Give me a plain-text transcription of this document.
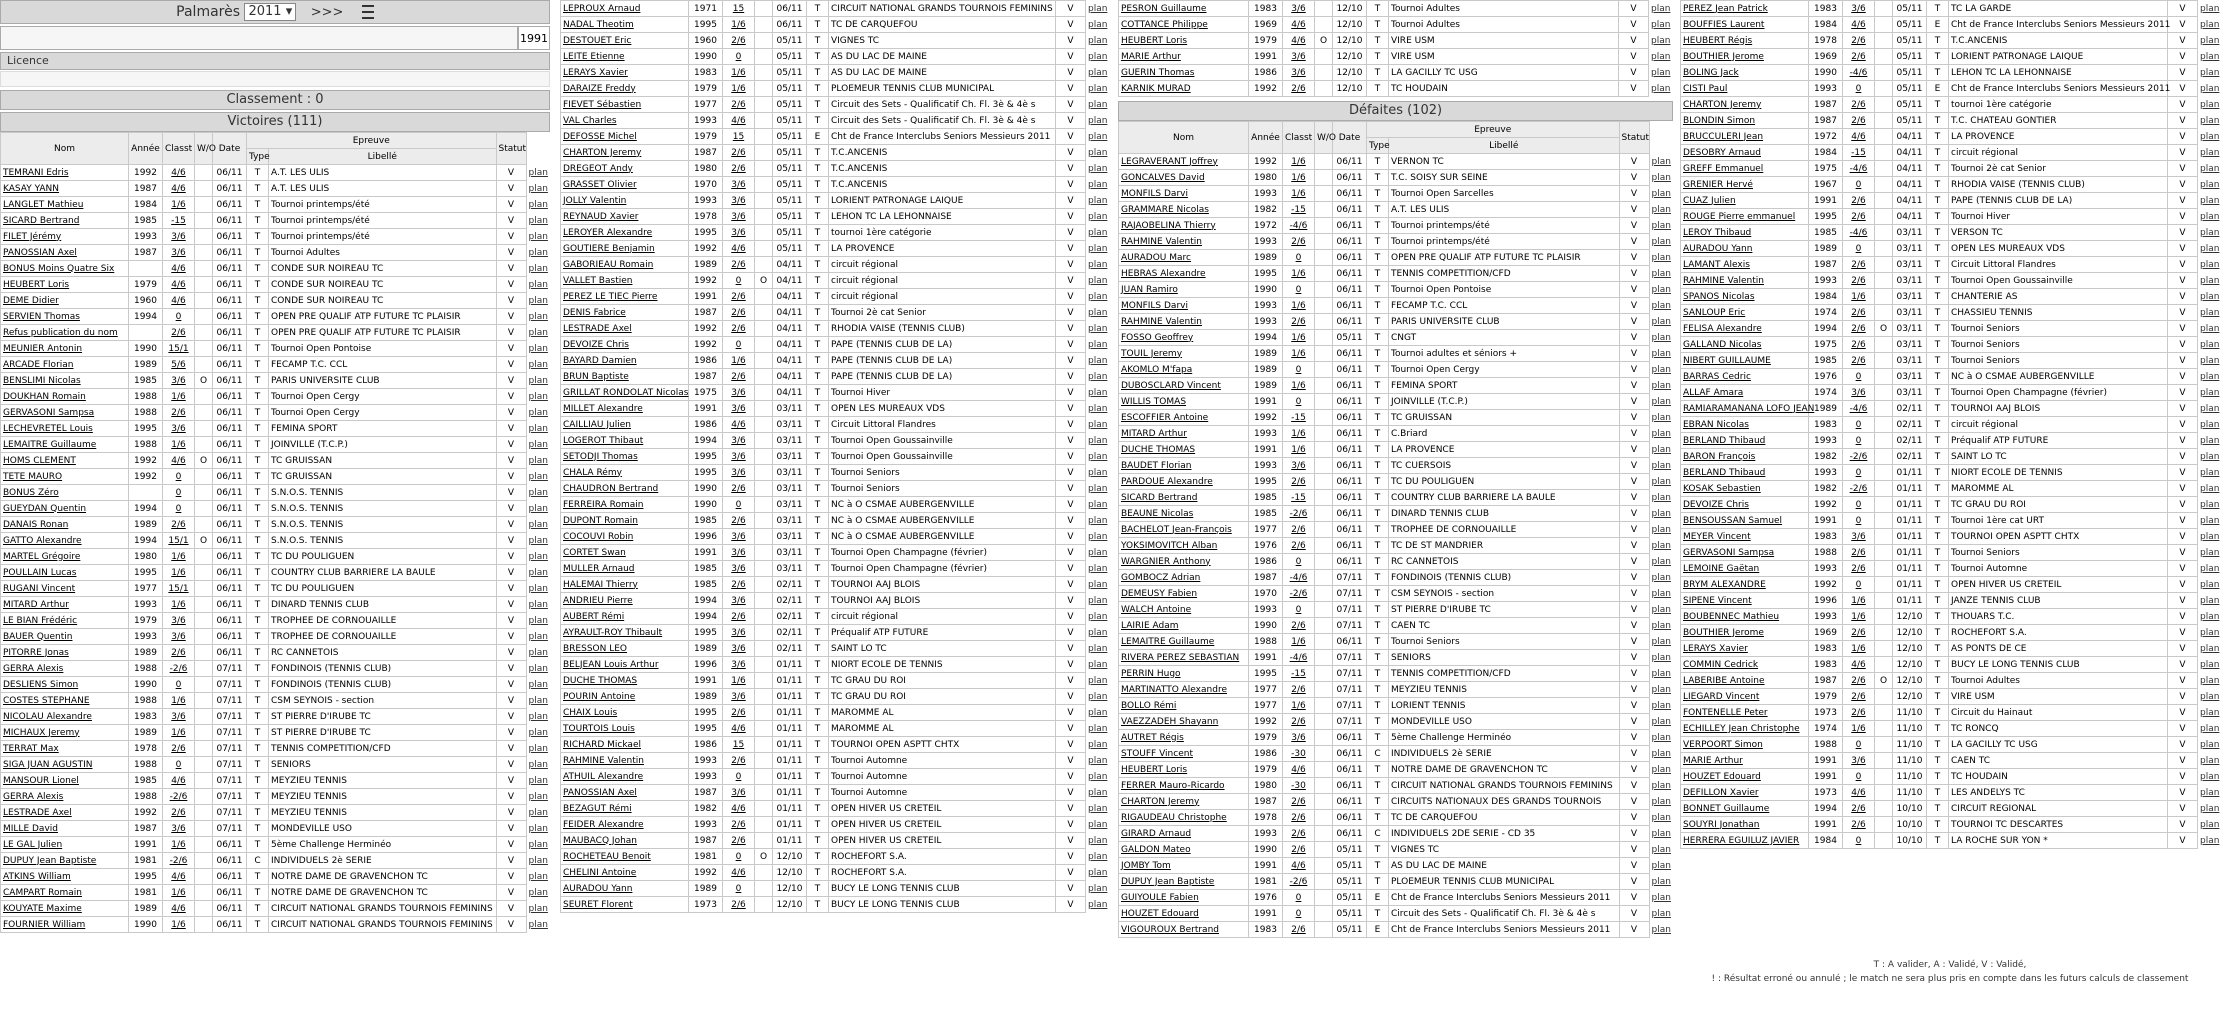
Palmarès 2011 ▾ >>>
1991
Licence
Classement : 0
Victoires (111)
Nom	Année	Classt	W/O	Date	Epreuve		Statut	
					Type	Libellé		
TEMRANI Edris	1992	4/6		06/11	T	A.T. LES ULIS	V	plan
KASAY YANN	1987	4/6		06/11	T	A.T. LES ULIS	V	plan
LANGLET Mathieu	1984	1/6		06/11	T	Tournoi printemps/été	V	plan
SICARD Bertrand	1985	-15		06/11	T	Tournoi printemps/été	V	plan
FILET Jérémy	1993	3/6		06/11	T	Tournoi printemps/été	V	plan
PANOSSIAN Axel	1987	3/6		06/11	T	Tournoi Adultes	V	plan
BONUS Moins Quatre Six		4/6		06/11	T	CONDE SUR NOIREAU TC	V	plan
HEUBERT Loris	1979	4/6		06/11	T	CONDE SUR NOIREAU TC	V	plan
DEME Didier	1960	4/6		06/11	T	CONDE SUR NOIREAU TC	V	plan
SERVIEN Thomas	1994	0		06/11	T	OPEN PRE QUALIF ATP FUTURE TC PLAISIR	V	plan
Refus publication du nom		2/6		06/11	T	OPEN PRE QUALIF ATP FUTURE TC PLAISIR	V	plan
MEUNIER Antonin	1990	15/1		06/11	T	Tournoi Open Pontoise	V	plan
ARCADE Florian	1989	5/6		06/11	T	FECAMP T.C. CCL	V	plan
BENSLIMI Nicolas	1985	3/6	O	06/11	T	PARIS UNIVERSITE CLUB	V	plan
DOUKHAN Romain	1988	1/6		06/11	T	Tournoi Open Cergy	V	plan
GERVASONI Sampsa	1988	2/6		06/11	T	Tournoi Open Cergy	V	plan
LECHEVRETEL Louis	1995	3/6		06/11	T	FEMINA SPORT	V	plan
LEMAITRE Guillaume	1988	1/6		06/11	T	JOINVILLE (T.C.P.)	V	plan
HOMS CLEMENT	1992	4/6	O	06/11	T	TC GRUISSAN	V	plan
TETE MAURO	1992	0		06/11	T	TC GRUISSAN	V	plan
BONUS Zéro		0		06/11	T	S.N.O.S. TENNIS	V	plan
GUEYDAN Quentin	1994	0		06/11	T	S.N.O.S. TENNIS	V	plan
DANAIS Ronan	1989	2/6		06/11	T	S.N.O.S. TENNIS	V	plan
GATTO Alexandre	1994	15/1	O	06/11	T	S.N.O.S. TENNIS	V	plan
MARTEL Grégoire	1980	1/6		06/11	T	TC DU POULIGUEN	V	plan
POULLAIN Lucas	1995	1/6		06/11	T	COUNTRY CLUB BARRIERE LA BAULE	V	plan
RUGANI Vincent	1977	15/1		06/11	T	TC DU POULIGUEN	V	plan
MITARD Arthur	1993	1/6		06/11	T	DINARD TENNIS CLUB	V	plan
LE BIAN Frédéric	1979	3/6		06/11	T	TROPHEE DE CORNOUAILLE	V	plan
BAUER Quentin	1993	3/6		06/11	T	TROPHEE DE CORNOUAILLE	V	plan
PITORRE Jonas	1989	2/6		06/11	T	RC CANNETOIS	V	plan
GERRA Alexis	1988	-2/6		07/11	T	FONDINOIS (TENNIS CLUB)	V	plan
DESLIENS Simon	1990	0		07/11	T	FONDINOIS (TENNIS CLUB)	V	plan
COSTES STEPHANE	1988	1/6		07/11	T	CSM SEYNOIS - section	V	plan
NICOLAU Alexandre	1983	3/6		07/11	T	ST PIERRE D'IRUBE TC	V	plan
MICHAUX Jeremy	1989	1/6		07/11	T	ST PIERRE D'IRUBE TC	V	plan
TERRAT Max	1978	2/6		07/11	T	TENNIS COMPETITION/CFD	V	plan
SIGA JUAN AGUSTIN	1988	0		07/11	T	SENIORS	V	plan
MANSOUR Lionel	1985	4/6		07/11	T	MEYZIEU TENNIS	V	plan
GERRA Alexis	1988	-2/6		07/11	T	MEYZIEU TENNIS	V	plan
LESTRADE Axel	1992	2/6		07/11	T	MEYZIEU TENNIS	V	plan
MILLE David	1987	3/6		07/11	T	MONDEVILLE USO	V	plan
LE GAL Julien	1991	1/6		06/11	T	5ème Challenge Herminéo	V	plan
DUPUY Jean Baptiste	1981	-2/6		06/11	C	INDIVIDUELS 2è SERIE	V	plan
ATKINS William	1995	4/6		06/11	T	NOTRE DAME DE GRAVENCHON TC	V	plan
CAMPART Romain	1981	1/6		06/11	T	NOTRE DAME DE GRAVENCHON TC	V	plan
KOUYATE Maxime	1989	4/6		06/11	T	CIRCUIT NATIONAL GRANDS TOURNOIS FEMININS	V	plan
FOURNIER William	1990	1/6		06/11	T	CIRCUIT NATIONAL GRANDS TOURNOIS FEMININS	V	plan
LEPROUX Arnaud	1971	15		06/11	T	CIRCUIT NATIONAL GRANDS TOURNOIS FEMININS	V	plan
NADAL Theotim	1995	1/6		06/11	T	TC DE CARQUEFOU	V	plan
DESTOUET Eric	1960	2/6		05/11	T	VIGNES TC	V	plan
LEITE Etienne	1990	0		05/11	T	AS DU LAC DE MAINE	V	plan
LERAYS Xavier	1983	1/6		05/11	T	AS DU LAC DE MAINE	V	plan
DARAIZE Freddy	1979	1/6		05/11	T	PLOEMEUR TENNIS CLUB MUNICIPAL	V	plan
FIEVET Sébastien	1977	2/6		05/11	T	Circuit des Sets - Qualificatif Ch. Fl. 3è & 4è s	V	plan
VAL Charles	1993	4/6		05/11	T	Circuit des Sets - Qualificatif Ch. Fl. 3è & 4è s	V	plan
DEFOSSE Michel	1979	15		05/11	E	Cht de France Interclubs Seniors Messieurs 2011	V	plan
CHARTON Jeremy	1987	2/6		05/11	T	T.C.ANCENIS	V	plan
DREGEOT Andy	1980	2/6		05/11	T	T.C.ANCENIS	V	plan
GRASSET Olivier	1970	3/6		05/11	T	T.C.ANCENIS	V	plan
JOLLY Valentin	1993	3/6		05/11	T	LORIENT PATRONAGE LAIQUE	V	plan
REYNAUD Xavier	1978	3/6		05/11	T	LEHON TC LA LEHONNAISE	V	plan
LEROYER Alexandre	1995	3/6		05/11	T	tournoi 1ère catégorie	V	plan
GOUTIERE Benjamin	1992	4/6		05/11	T	LA PROVENCE	V	plan
GABORIEAU Romain	1989	2/6		04/11	T	circuit régional	V	plan
VALLET Bastien	1992	0	O	04/11	T	circuit régional	V	plan
PEREZ LE TIEC Pierre	1991	2/6		04/11	T	circuit régional	V	plan
DENIS Fabrice	1987	2/6		04/11	T	Tournoi 2è cat Senior	V	plan
LESTRADE Axel	1992	2/6		04/11	T	RHODIA VAISE (TENNIS CLUB)	V	plan
DEVOIZE Chris	1992	0		04/11	T	PAPE (TENNIS CLUB DE LA)	V	plan
BAYARD Damien	1986	1/6		04/11	T	PAPE (TENNIS CLUB DE LA)	V	plan
BRUN Baptiste	1987	2/6		04/11	T	PAPE (TENNIS CLUB DE LA)	V	plan
GRILLAT RONDOLAT Nicolas	1975	3/6		04/11	T	Tournoi Hiver	V	plan
MILLET Alexandre	1991	3/6		03/11	T	OPEN LES MUREAUX VDS	V	plan
CAILLIAU Julien	1986	4/6		03/11	T	Circuit Littoral Flandres	V	plan
LOGEROT Thibaut	1994	3/6		03/11	T	Tournoi Open Goussainville	V	plan
SETODJI Thomas	1995	3/6		03/11	T	Tournoi Open Goussainville	V	plan
CHALA Rémy	1995	3/6		03/11	T	Tournoi Seniors	V	plan
CHAUDRON Bertrand	1990	2/6		03/11	T	Tournoi Seniors	V	plan
FERREIRA Romain	1990	0		03/11	T	NC à O CSMAE AUBERGENVILLE	V	plan
DUPONT Romain	1985	2/6		03/11	T	NC à O CSMAE AUBERGENVILLE	V	plan
COCOUVI Robin	1996	3/6		03/11	T	NC à O CSMAE AUBERGENVILLE	V	plan
CORTET Swan	1991	3/6		03/11	T	Tournoi Open Champagne (février)	V	plan
MULLER Arnaud	1985	3/6		03/11	T	Tournoi Open Champagne (février)	V	plan
HALEMAI Thierry	1985	2/6		02/11	T	TOURNOI AAJ BLOIS	V	plan
ANDRIEU Pierre	1994	3/6		02/11	T	TOURNOI AAJ BLOIS	V	plan
AUBERT Rémi	1994	2/6		02/11	T	circuit régional	V	plan
AYRAULT-ROY Thibault	1995	3/6		02/11	T	Préqualif ATP FUTURE	V	plan
BRESSON LEO	1989	3/6		02/11	T	SAINT LO TC	V	plan
BELJEAN Louis Arthur	1996	3/6		01/11	T	NIORT ECOLE DE TENNIS	V	plan
DUCHE THOMAS	1991	1/6		01/11	T	TC GRAU DU ROI	V	plan
POURIN Antoine	1989	3/6		01/11	T	TC GRAU DU ROI	V	plan
CHAIX Louis	1995	2/6		01/11	T	MAROMME AL	V	plan
TOURTOIS Louis	1995	4/6		01/11	T	MAROMME AL	V	plan
RICHARD Mickael	1986	15		01/11	T	TOURNOI OPEN ASPTT CHTX	V	plan
RAHMINE Valentin	1993	2/6		01/11	T	Tournoi Automne	V	plan
ATHUIL Alexandre	1993	0		01/11	T	Tournoi Automne	V	plan
PANOSSIAN Axel	1987	3/6		01/11	T	Tournoi Automne	V	plan
BEZAGUT Rémi	1982	4/6		01/11	T	OPEN HIVER US CRETEIL	V	plan
FEIDER Alexandre	1993	2/6		01/11	T	OPEN HIVER US CRETEIL	V	plan
MAUBACQ Johan	1987	2/6		01/11	T	OPEN HIVER US CRETEIL	V	plan
ROCHETEAU Benoit	1981	0	O	12/10	T	ROCHEFORT S.A.	V	plan
CHELINI Antoine	1992	4/6		12/10	T	ROCHEFORT S.A.	V	plan
AURADOU Yann	1989	0		12/10	T	BUCY LE LONG TENNIS CLUB	V	plan
SEURET Florent	1973	2/6		12/10	T	BUCY LE LONG TENNIS CLUB	V	plan
PESRON Guillaume	1983	3/6		12/10	T	Tournoi Adultes	V	plan
COTTANCE Philippe	1969	4/6		12/10	T	Tournoi Adultes	V	plan
HEUBERT Loris	1979	4/6	O	12/10	T	VIRE USM	V	plan
MARIE Arthur	1991	3/6		12/10	T	VIRE USM	V	plan
GUERIN Thomas	1986	3/6		12/10	T	LA GACILLY TC USG	V	plan
KARNIK MURAD	1992	2/6		12/10	T	TC HOUDAIN	V	plan
Défaites (102)
Nom	Année	Classt	W/O	Date	Epreuve		Statut	
					Type	Libellé		
LEGRAVERANT Joffrey	1992	1/6		06/11	T	VERNON TC	V	plan
GONCALVES David	1980	1/6		06/11	T	T.C. SOISY SUR SEINE	V	plan
MONFILS Darvi	1993	1/6		06/11	T	Tournoi Open Sarcelles	V	plan
GRAMMARE Nicolas	1982	-15		06/11	T	A.T. LES ULIS	V	plan
RAJAOBELINA Thierry	1972	-4/6		06/11	T	Tournoi printemps/été	V	plan
RAHMINE Valentin	1993	2/6		06/11	T	Tournoi printemps/été	V	plan
AURADOU Marc	1989	0		06/11	T	OPEN PRE QUALIF ATP FUTURE TC PLAISIR	V	plan
HEBRAS Alexandre	1995	1/6		06/11	T	TENNIS COMPETITION/CFD	V	plan
JUAN Ramiro	1990	0		06/11	T	Tournoi Open Pontoise	V	plan
MONFILS Darvi	1993	1/6		06/11	T	FECAMP T.C. CCL	V	plan
RAHMINE Valentin	1993	2/6		06/11	T	PARIS UNIVERSITE CLUB	V	plan
FOSSO Geoffrey	1994	1/6		05/11	T	CNGT	V	plan
TOUIL Jeremy	1989	1/6		06/11	T	Tournoi adultes et séniors +	V	plan
AKOMLO M'fapa	1989	0		06/11	T	Tournoi Open Cergy	V	plan
DUBOSCLARD Vincent	1989	1/6		06/11	T	FEMINA SPORT	V	plan
WILLIS TOMAS	1991	0		06/11	T	JOINVILLE (T.C.P.)	V	plan
ESCOFFIER Antoine	1992	-15		06/11	T	TC GRUISSAN	V	plan
MITARD Arthur	1993	1/6		06/11	T	C.Briard	V	plan
DUCHE THOMAS	1991	1/6		06/11	T	LA PROVENCE	V	plan
BAUDET Florian	1993	3/6		06/11	T	TC CUERSOIS	V	plan
PARDOUE Alexandre	1995	2/6		06/11	T	TC DU POULIGUEN	V	plan
SICARD Bertrand	1985	-15		06/11	T	COUNTRY CLUB BARRIERE LA BAULE	V	plan
BEAUNE Nicolas	1985	-2/6		06/11	T	DINARD TENNIS CLUB	V	plan
BACHELOT Jean-François	1977	2/6		06/11	T	TROPHEE DE CORNOUAILLE	V	plan
YOKSIMOVITCH Alban	1976	2/6		06/11	T	TC DE ST MANDRIER	V	plan
WARGNIER Anthony	1986	0		06/11	T	RC CANNETOIS	V	plan
GOMBOCZ Adrian	1987	-4/6		07/11	T	FONDINOIS (TENNIS CLUB)	V	plan
DEMEUSY Fabien	1970	-2/6		07/11	T	CSM SEYNOIS - section	V	plan
WALCH Antoine	1993	0		07/11	T	ST PIERRE D'IRUBE TC	V	plan
LAIRIE Adam	1990	2/6		07/11	T	CAEN TC	V	plan
LEMAITRE Guillaume	1988	1/6		06/11	T	Tournoi Seniors	V	plan
RIVERA PEREZ SEBASTIAN	1991	-4/6		07/11	T	SENIORS	V	plan
PERRIN Hugo	1995	-15		07/11	T	TENNIS COMPETITION/CFD	V	plan
MARTINATTO Alexandre	1977	2/6		07/11	T	MEYZIEU TENNIS	V	plan
BOLLO Rémi	1977	1/6		07/11	T	LORIENT TENNIS	V	plan
VAEZZADEH Shayann	1992	2/6		07/11	T	MONDEVILLE USO	V	plan
AUTRET Régis	1979	3/6		06/11	T	5ème Challenge Herminéo	V	plan
STOUFF Vincent	1986	-30		06/11	C	INDIVIDUELS 2è SERIE	V	plan
HEUBERT Loris	1979	4/6		06/11	T	NOTRE DAME DE GRAVENCHON TC	V	plan
FERRER Mauro-Ricardo	1980	-30		06/11	T	CIRCUIT NATIONAL GRANDS TOURNOIS FEMININS	V	plan
CHARTON Jeremy	1987	2/6		06/11	T	CIRCUITS NATIONAUX DES GRANDS TOURNOIS	V	plan
RIGAUDEAU Christophe	1978	2/6		06/11	T	TC DE CARQUEFOU	V	plan
GIRARD Arnaud	1993	2/6		06/11	C	INDIVIDUELS 2DE SERIE - CD 35	V	plan
GALDON Mateo	1990	2/6		05/11	T	VIGNES TC	V	plan
JOMBY Tom	1991	4/6		05/11	T	AS DU LAC DE MAINE	V	plan
DUPUY Jean Baptiste	1981	-2/6		05/11	T	PLOEMEUR TENNIS CLUB MUNICIPAL	V	plan
GUIYOULE Fabien	1976	0		05/11	E	Cht de France Interclubs Seniors Messieurs 2011	V	plan
HOUZET Edouard	1991	0		05/11	T	Circuit des Sets - Qualificatif Ch. Fl. 3è & 4è s	V	plan
VIGOUROUX Bertrand	1983	2/6		05/11	E	Cht de France Interclubs Seniors Messieurs 2011	V	plan
PEREZ Jean Patrick	1983	3/6		05/11	T	TC LA GARDE	V	plan
BOUFFIES Laurent	1984	4/6		05/11	E	Cht de France Interclubs Seniors Messieurs 2011	V	plan
HEUBERT Régis	1978	2/6		05/11	T	T.C.ANCENIS	V	plan
BOUTHIER Jerome	1969	2/6		05/11	T	LORIENT PATRONAGE LAIQUE	V	plan
BOLING Jack	1990	-4/6		05/11	T	LEHON TC LA LEHONNAISE	V	plan
CISTI Paul	1993	0		05/11	E	Cht de France Interclubs Seniors Messieurs 2011	V	plan
CHARTON Jeremy	1987	2/6		05/11	T	tournoi 1ère catégorie	V	plan
BLONDIN Simon	1987	2/6		05/11	T	T.C. CHATEAU GONTIER	V	plan
BRUCCULERI Jean	1972	4/6		04/11	T	LA PROVENCE	V	plan
DESOBRY Arnaud	1984	-15		04/11	T	circuit régional	V	plan
GREFF Emmanuel	1975	-4/6		04/11	T	Tournoi 2è cat Senior	V	plan
GRENIER Hervé	1967	0		04/11	T	RHODIA VAISE (TENNIS CLUB)	V	plan
CUAZ Julien	1991	2/6		04/11	T	PAPE (TENNIS CLUB DE LA)	V	plan
ROUGE Pierre emmanuel	1995	2/6		04/11	T	Tournoi Hiver	V	plan
LEROY Thibaud	1985	-4/6		03/11	T	VERSON TC	V	plan
AURADOU Yann	1989	0		03/11	T	OPEN LES MUREAUX VDS	V	plan
LAMANT Alexis	1987	2/6		03/11	T	Circuit Littoral Flandres	V	plan
RAHMINE Valentin	1993	2/6		03/11	T	Tournoi Open Goussainville	V	plan
SPANOS Nicolas	1984	1/6		03/11	T	CHANTERIE AS	V	plan
SANLOUP Eric	1974	2/6		03/11	T	CHASSIEU TENNIS	V	plan
FELISA Alexandre	1994	2/6	O	03/11	T	Tournoi Seniors	V	plan
GALLAND Nicolas	1975	2/6		03/11	T	Tournoi Seniors	V	plan
NIBERT GUILLAUME	1985	2/6		03/11	T	Tournoi Seniors	V	plan
BARRAS Cedric	1976	0		03/11	T	NC à O CSMAE AUBERGENVILLE	V	plan
ALLAF Amara	1974	3/6		03/11	T	Tournoi Open Champagne (février)	V	plan
RAMIARAMANANA LOFO JEAN	1989	-4/6		02/11	T	TOURNOI AAJ BLOIS	V	plan
EBRAN Nicolas	1983	0		02/11	T	circuit régional	V	plan
BERLAND Thibaud	1993	0		02/11	T	Préqualif ATP FUTURE	V	plan
BARON François	1982	-2/6		02/11	T	SAINT LO TC	V	plan
BERLAND Thibaud	1993	0		01/11	T	NIORT ECOLE DE TENNIS	V	plan
KOSAK Sebastien	1982	-2/6		01/11	T	MAROMME AL	V	plan
DEVOIZE Chris	1992	0		01/11	T	TC GRAU DU ROI	V	plan
BENSOUSSAN Samuel	1991	0		01/11	T	Tournoi 1ère cat URT	V	plan
MEYER Vincent	1983	3/6		01/11	T	TOURNOI OPEN ASPTT CHTX	V	plan
GERVASONI Sampsa	1988	2/6		01/11	T	Tournoi Seniors	V	plan
LEMOINE Gaëtan	1993	2/6		01/11	T	Tournoi Automne	V	plan
BRYM ALEXANDRE	1992	0		01/11	T	OPEN HIVER US CRETEIL	V	plan
SIPENE Vincent	1996	1/6		01/11	T	JANZE TENNIS CLUB	V	plan
BOUBENNEC Mathieu	1993	1/6		12/10	T	THOUARS T.C.	V	plan
BOUTHIER Jerome	1969	2/6		12/10	T	ROCHEFORT S.A.	V	plan
LERAYS Xavier	1983	1/6		12/10	T	AS PONTS DE CE	V	plan
COMMIN Cedrick	1983	4/6		12/10	T	BUCY LE LONG TENNIS CLUB	V	plan
LABERIBE Antoine	1987	2/6	O	12/10	T	Tournoi Adultes	V	plan
LIEGARD Vincent	1979	2/6		12/10	T	VIRE USM	V	plan
FONTENELLE Peter	1973	2/6		11/10	T	Circuit du Hainaut	V	plan
ECHILLEY Jean Christophe	1974	1/6		11/10	T	TC RONCQ	V	plan
VERPOORT Simon	1988	0		11/10	T	LA GACILLY TC USG	V	plan
MARIE Arthur	1991	3/6		11/10	T	CAEN TC	V	plan
HOUZET Edouard	1991	0		11/10	T	TC HOUDAIN	V	plan
DEFILLON Xavier	1973	4/6		11/10	T	LES ANDELYS TC	V	plan
BONNET Guillaume	1994	2/6		10/10	T	CIRCUIT REGIONAL	V	plan
SOUYRI Jonathan	1991	2/6		10/10	T	TOURNOI TC DESCARTES	V	plan
HERRERA EGUILUZ JAVIER	1984	0		10/10	T	LA ROCHE SUR YON *	V	plan
T : A valider, A : Validé, V : Validé,
! : Résultat erroné ou annulé ; le match ne sera plus pris en compte dans les futurs calculs de classement
